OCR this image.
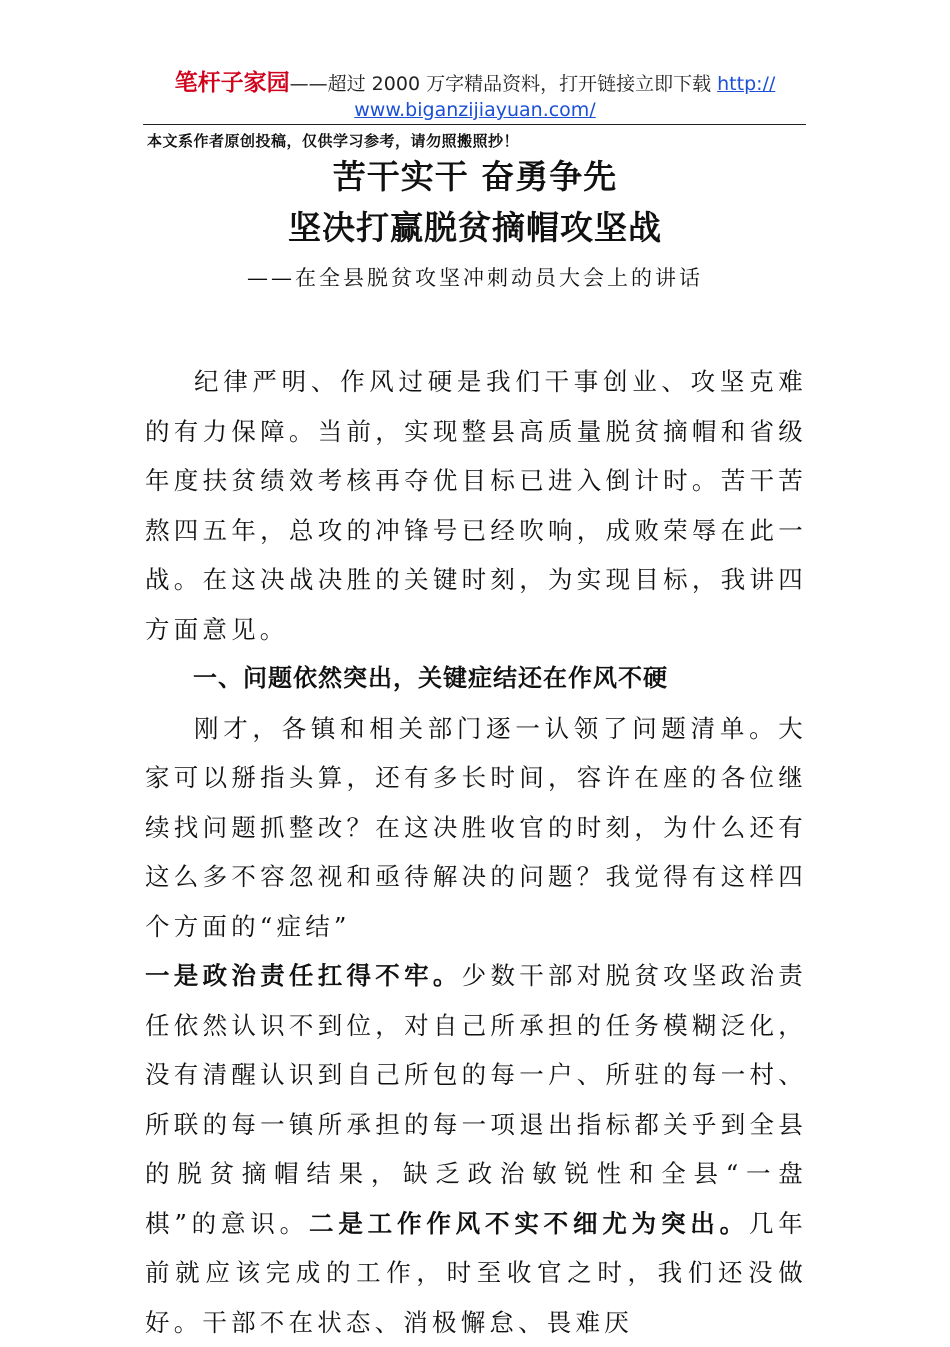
笔杆子家园——超过 2000 万字精品资料，打开链接立即下载 http://
www.biganzijiayuan.com/
本文系作者原创投稿，仅供学习参考，请勿照搬照抄！
苦干实干 奋勇争先
坚决打赢脱贫摘帽攻坚战
——在全县脱贫攻坚冲刺动员大会上的讲话

纪律严明、作风过硬是我们干事创业、攻坚克难的有力保障。当前，实现整县高质量脱贫摘帽和省级年度扶贫绩效考核再夺优目标已进入倒计时。苦干苦熬四五年，总攻的冲锋号已经吹响，成败荣辱在此一战。在这决战决胜的关键时刻，为实现目标，我讲四方面意见。

一、问题依然突出，关键症结还在作风不硬

刚才，各镇和相关部门逐一认领了问题清单。大家可以掰指头算，还有多长时间，容许在座的各位继续找问题抓整改？在这决胜收官的时刻，为什么还有这么多不容忽视和亟待解决的问题？我觉得有这样四个方面的“症结”

一是政治责任扛得不牢。少数干部对脱贫攻坚政治责任依然认识不到位，对自己所承担的任务模糊泛化，没有清醒认识到自己所包的每一户、所驻的每一村、所联的每一镇所承担的每一项退出指标都关乎到全县的脱贫摘帽结果，缺乏政治敏锐性和全县“一盘棋”的意识。二是工作作风不实不细尤为突出。几年前就应该完成的工作，时至收官之时，我们还没做好。干部不在状态、消极懈怠、畏难厌
